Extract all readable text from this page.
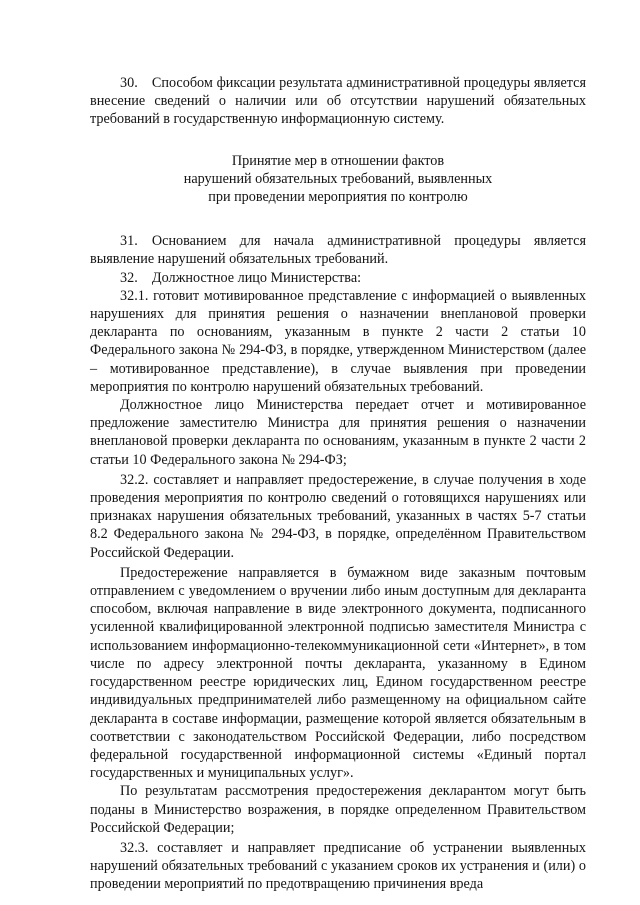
30. Способом фиксации результата административной процедуры является внесение сведений о наличии или об отсутствии нарушений обязательных требований в государственную информационную систему.

Принятие мер в отношении фактов
нарушений обязательных требований, выявленных
при проведении мероприятия по контролю

31. Основанием для начала административной процедуры является выявление нарушений обязательных требований.

32. Должностное лицо Министерства:

32.1. готовит мотивированное представление с информацией о выявленных нарушениях для принятия решения о назначении внеплановой проверки декларанта по основаниям, указанным в пункте 2 части 2 статьи 10 Федерального закона № 294-ФЗ, в порядке, утвержденном Министерством (далее – мотивированное представление), в случае выявления при проведении мероприятия по контролю нарушений обязательных требований.

Должностное лицо Министерства передает отчет и мотивированное предложение заместителю Министра для принятия решения о назначении внеплановой проверки декларанта по основаниям, указанным в пункте 2 части 2 статьи 10 Федерального закона № 294-ФЗ;

32.2. составляет и направляет предостережение, в случае получения в ходе проведения мероприятия по контролю сведений о готовящихся нарушениях или признаках нарушения обязательных требований, указанных в частях 5-7 статьи 8.2 Федерального закона № 294-ФЗ, в порядке, определённом Правительством Российской Федерации.

Предостережение направляется в бумажном виде заказным почтовым отправлением с уведомлением о вручении либо иным доступным для декларанта способом, включая направление в виде электронного документа, подписанного усиленной квалифицированной электронной подписью заместителя Министра с использованием информационно-телекоммуникационной сети «Интернет», в том числе по адресу электронной почты декларанта, указанному в Едином государственном реестре юридических лиц, Едином государственном реестре индивидуальных предпринимателей либо размещенному на официальном сайте декларанта в составе информации, размещение которой является обязательным в соответствии с законодательством Российской Федерации, либо посредством федеральной государственной информационной системы «Единый портал государственных и муниципальных услуг».

По результатам рассмотрения предостережения декларантом могут быть поданы в Министерство возражения, в порядке определенном Правительством Российской Федерации;

32.3. составляет и направляет предписание об устранении выявленных нарушений обязательных требований с указанием сроков их устранения и (или) о проведении мероприятий по предотвращению причинения вреда
